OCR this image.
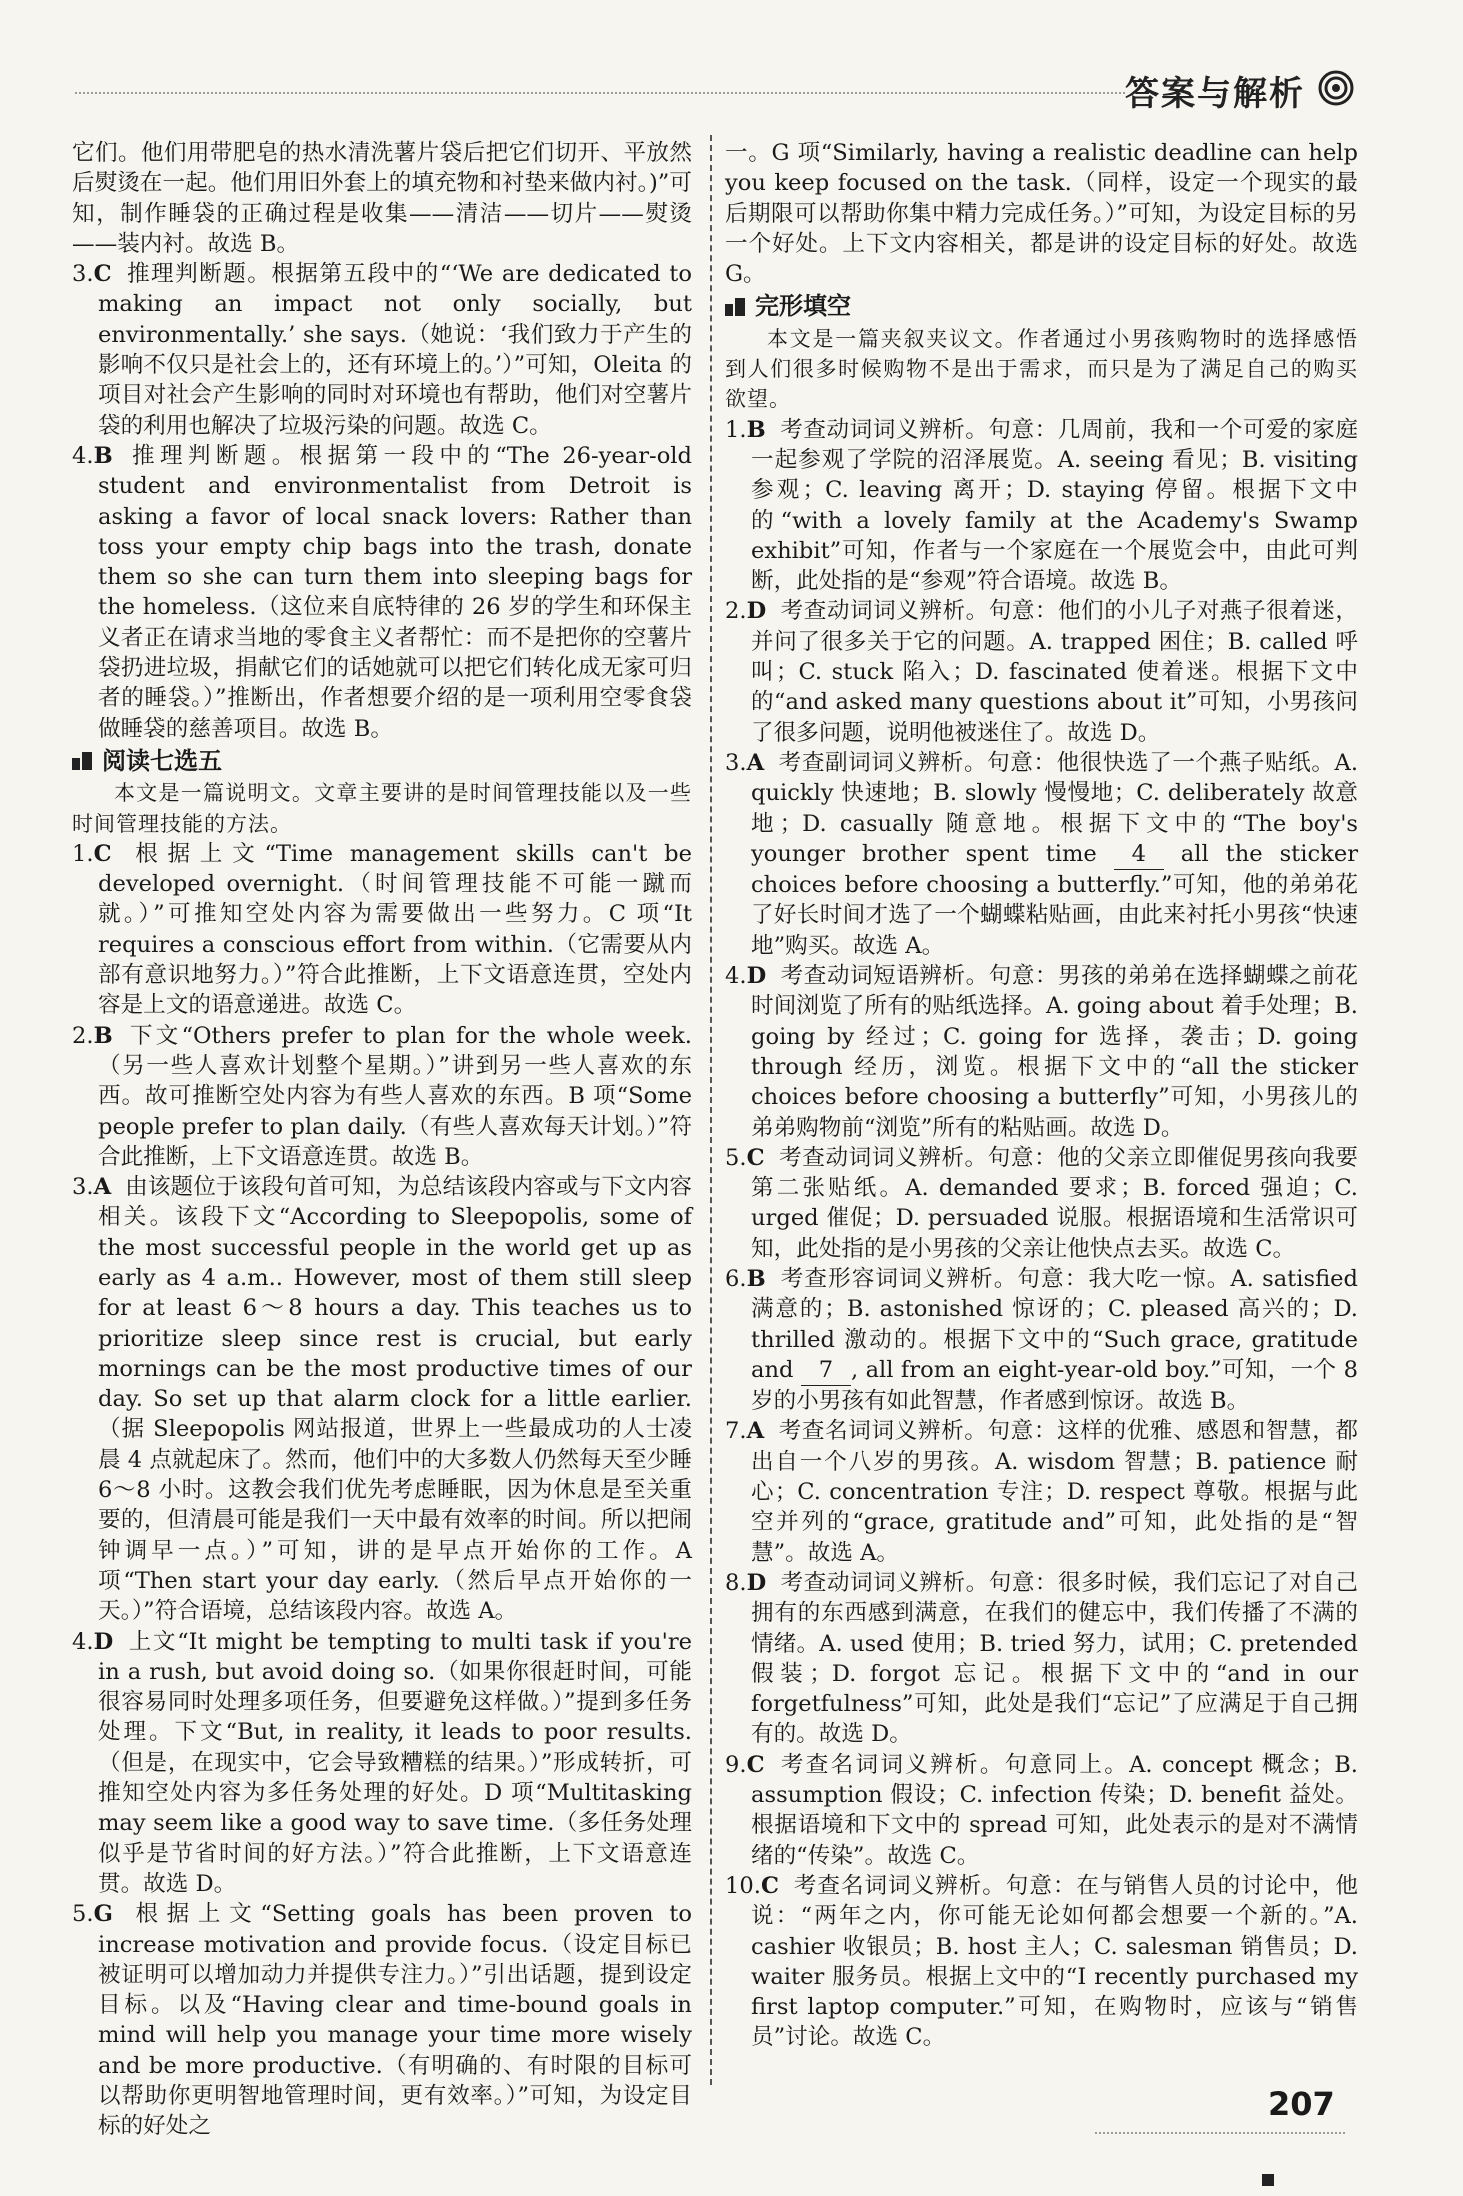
答案与解析

它们。他们用带肥皂的热水清洗薯片袋后把它们切开、平放然后熨烫在一起。他们用旧外套上的填充物和衬垫来做内衬。)”可知，制作睡袋的正确过程是收集——清洁——切片——熨烫——装内衬。故选 B。

3.C 推理判断题。根据第五段中的“‘We are dedicated to making an impact not only socially, but environmentally.’ she says.（她说：‘我们致力于产生的影响不仅只是社会上的，还有环境上的。’）”可知，Oleita 的项目对社会产生影响的同时对环境也有帮助，他们对空薯片袋的利用也解决了垃圾污染的问题。故选 C。

4.B 推理判断题。根据第一段中的“The 26-year-old student and environmentalist from Detroit is asking a favor of local snack lovers: Rather than toss your empty chip bags into the trash, donate them so she can turn them into sleeping bags for the homeless.（这位来自底特律的 26 岁的学生和环保主义者正在请求当地的零食主义者帮忙：而不是把你的空薯片袋扔进垃圾，捐献它们的话她就可以把它们转化成无家可归者的睡袋。）”推断出，作者想要介绍的是一项利用空零食袋做睡袋的慈善项目。故选 B。

阅读七选五

本文是一篇说明文。文章主要讲的是时间管理技能以及一些时间管理技能的方法。

1.C 根据上文“Time management skills can't be developed overnight.（时间管理技能不可能一蹴而就。）”可推知空处内容为需要做出一些努力。C 项“It requires a conscious effort from within.（它需要从内部有意识地努力。）”符合此推断，上下文语意连贯，空处内容是上文的语意递进。故选 C。

2.B 下文“Others prefer to plan for the whole week.（另一些人喜欢计划整个星期。）”讲到另一些人喜欢的东西。故可推断空处内容为有些人喜欢的东西。B 项“Some people prefer to plan daily.（有些人喜欢每天计划。）”符合此推断，上下文语意连贯。故选 B。

3.A 由该题位于该段句首可知，为总结该段内容或与下文内容相关。该段下文“According to Sleepopolis, some of the most successful people in the world get up as early as 4 a.m.. However, most of them still sleep for at least 6～8 hours a day. This teaches us to prioritize sleep since rest is crucial, but early mornings can be the most productive times of our day. So set up that alarm clock for a little earlier.（据 Sleepopolis 网站报道，世界上一些最成功的人士凌晨 4 点就起床了。然而，他们中的大多数人仍然每天至少睡 6～8 小时。这教会我们优先考虑睡眠，因为休息是至关重要的，但清晨可能是我们一天中最有效率的时间。所以把闹钟调早一点。）”可知，讲的是早点开始你的工作。A 项“Then start your day early.（然后早点开始你的一天。）”符合语境，总结该段内容。故选 A。

4.D 上文“It might be tempting to multi task if you're in a rush, but avoid doing so.（如果你很赶时间，可能很容易同时处理多项任务，但要避免这样做。）”提到多任务处理。下文“But, in reality, it leads to poor results.（但是，在现实中，它会导致糟糕的结果。）”形成转折，可推知空处内容为多任务处理的好处。D 项“Multitasking may seem like a good way to save time.（多任务处理似乎是节省时间的好方法。）”符合此推断，上下文语意连贯。故选 D。

5.G 根据上文“Setting goals has been proven to increase motivation and provide focus.（设定目标已被证明可以增加动力并提供专注力。）”引出话题，提到设定目标。以及“Having clear and time-bound goals in mind will help you manage your time more wisely and be more productive.（有明确的、有时限的目标可以帮助你更明智地管理时间，更有效率。）”可知，为设定目标的好处之

一。G 项“Similarly, having a realistic deadline can help you keep focused on the task.（同样，设定一个现实的最后期限可以帮助你集中精力完成任务。）”可知，为设定目标的另一个好处。上下文内容相关，都是讲的设定目标的好处。故选 G。

完形填空

本文是一篇夹叙夹议文。作者通过小男孩购物时的选择感悟到人们很多时候购物不是出于需求，而只是为了满足自己的购买欲望。

1.B 考查动词词义辨析。句意：几周前，我和一个可爱的家庭一起参观了学院的沼泽展览。A. seeing 看见；B. visiting 参观；C. leaving 离开；D. staying 停留。根据下文中的“with a lovely family at the Academy's Swamp exhibit”可知，作者与一个家庭在一个展览会中，由此可判断，此处指的是“参观”符合语境。故选 B。

2.D 考查动词词义辨析。句意：他们的小儿子对燕子很着迷，并问了很多关于它的问题。A. trapped 困住；B. called 呼叫；C. stuck 陷入；D. fascinated 使着迷。根据下文中的“and asked many questions about it”可知，小男孩问了很多问题，说明他被迷住了。故选 D。

3.A 考查副词词义辨析。句意：他很快选了一个燕子贴纸。A. quickly 快速地；B. slowly 慢慢地；C. deliberately 故意地；D. casually 随意地。根据下文中的“The boy's younger brother spent time 4 all the sticker choices before choosing a butterfly.”可知，他的弟弟花了好长时间才选了一个蝴蝶粘贴画，由此来衬托小男孩“快速地”购买。故选 A。

4.D 考查动词短语辨析。句意：男孩的弟弟在选择蝴蝶之前花时间浏览了所有的贴纸选择。A. going about 着手处理；B. going by 经过；C. going for 选择，袭击；D. going through 经历，浏览。根据下文中的“all the sticker choices before choosing a butterfly”可知，小男孩儿的弟弟购物前“浏览”所有的粘贴画。故选 D。

5.C 考查动词词义辨析。句意：他的父亲立即催促男孩向我要第二张贴纸。A. demanded 要求；B. forced 强迫；C. urged 催促；D. persuaded 说服。根据语境和生活常识可知，此处指的是小男孩的父亲让他快点去买。故选 C。

6.B 考查形容词词义辨析。句意：我大吃一惊。A. satisfied 满意的；B. astonished 惊讶的；C. pleased 高兴的；D. thrilled 激动的。根据下文中的“Such grace, gratitude and 7 , all from an eight-year-old boy.”可知，一个 8 岁的小男孩有如此智慧，作者感到惊讶。故选 B。

7.A 考查名词词义辨析。句意：这样的优雅、感恩和智慧，都出自一个八岁的男孩。A. wisdom 智慧；B. patience 耐心；C. concentration 专注；D. respect 尊敬。根据与此空并列的“grace, gratitude and”可知，此处指的是“智慧”。故选 A。

8.D 考查动词词义辨析。句意：很多时候，我们忘记了对自己拥有的东西感到满意，在我们的健忘中，我们传播了不满的情绪。A. used 使用；B. tried 努力，试用；C. pretended 假装；D. forgot 忘记。根据下文中的“and in our forgetfulness”可知，此处是我们“忘记”了应满足于自己拥有的。故选 D。

9.C 考查名词词义辨析。句意同上。A. concept 概念；B. assumption 假设；C. infection 传染；D. benefit 益处。根据语境和下文中的 spread 可知，此处表示的是对不满情绪的“传染”。故选 C。

10.C 考查名词词义辨析。句意：在与销售人员的讨论中，他说：“两年之内，你可能无论如何都会想要一个新的。”A. cashier 收银员；B. host 主人；C. salesman 销售员；D. waiter 服务员。根据上文中的“I recently purchased my first laptop computer.”可知，在购物时，应该与“销售员”讨论。故选 C。

207
